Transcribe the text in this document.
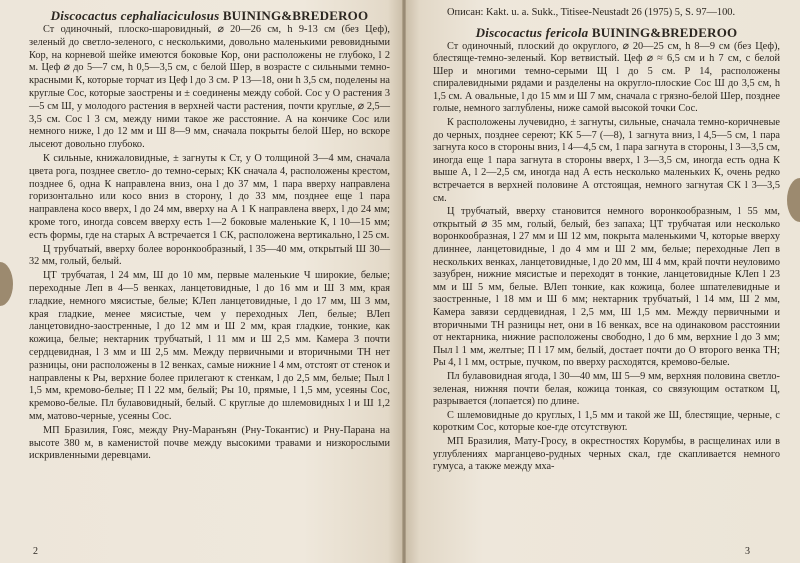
Discocactus cephaliaciculosus BUINING&BREDEROO

Ст одиночный, плоско-шаровидный, ⌀ 20—26 см, h 9-13 см (без Цеф), зеленый до светло-зеленого, с несколькими, довольно маленькими ревовидными Кор, на корневой шейке имеются боковые Кор, они расположены не глубоко, l 2 м. Цеф ⌀ до 5—7 см, h 0,5—3,5 см, с белой Шер, в возрасте с сильными темно-красными К, которые торчат из Цеф l до 3 см. Р 13—18, они h 3,5 см, поделены на круглые Сос, которые заострены и ± соединены между собой. Сос у О растения 3—5 см Ш, у молодого растения в верхней части растения, почти круглые, ⌀ 2,5—3,5 см. Сос l 3 см, между ними такое же расстояние. А на кончике Сос или немного ниже, l до 12 мм и Ш 8—9 мм, сначала покрыты белой Шер, но вскоре лысеют довольно глубоко.

К сильные, книжаловидные, ± загнуты к Ст, у О толщиной 3—4 мм, сначала цвета рога, позднее светло- до темно-серых; КК сначала 4, расположены крестом, позднее 6, одна К направлена вниз, она l до 37 мм, 1 пара вверху направлена горизонтально или косо вниз в сторону, l до 33 мм, позднее еще 1 пара направлена косо вверх, l до 24 мм, вверху на А 1 К направлена вверх, l до 24 мм; кроме того, иногда совсем вверху есть 1—2 боковые маленькие К, l 10—15 мм; есть формы, где на старых А встречается 1 СК, расположена вертикально, l 25 см.

Ц трубчатый, вверху более воронкообразный, l 35—40 мм, открытый Ш 30—32 мм, голый, белый.

ЦТ трубчатая, l 24 мм, Ш до 10 мм, первые маленькие Ч широкие, белые; переходные Леп в 4—5 венках, ланцетовидные, l до 16 мм и Ш 3 мм, края гладкие, немного мясистые, белые; КЛеп ланцетовидные, l до 17 мм, Ш 3 мм, края гладкие, менее мясистые, чем у переходных Леп, белые; ВЛеп ланцетовидно-заостренные, l до 12 мм и Ш 2 мм, края гладкие, тонкие, как кожица, белые; нектарник трубчатый, l 11 мм и Ш 2,5 мм. Камера 3 почти сердцевидная, l 3 мм и Ш 2,5 мм. Между первичными и вторичными ТН нет разницы, они расположены в 12 венках, самые нижние l 4 мм, отстоят от стенок и направлены к Ры, верхние более прилегают к стенкам, l до 2,5 мм, белые; Пыл l 1,5 мм, кремово-белые; П l 22 мм, белый; Ры 10, прямые, l 1,5 мм, усеяны Сос, кремово-белые. Пл булавовидный, белый. С круглые до шлемовидных l и Ш 1,2 мм, матово-черные, усеяны Сос.

МП Бразилия, Гояс, между Рну-Маранъян (Рну-Токантис) и Рну-Парана на высоте 380 м, в каменистой почве между высокими травами и низкорослыми искривленными деревцами.

2

Описан: Kakt. u. a. Sukk., Titisee-Neustadt 26 (1975) 5, S. 97—100.

Discocactus fericola BUINING&BREDEROO

Ст одиночный, плоский до округлого, ⌀ 20—25 см, h 8—9 см (без Цеф), блестяще-темно-зеленый. Кор ветвистый. Цеф ⌀ ≈ 6,5 см и h 7 см, с белой Шер и многими темно-серыми Щ l до 5 см. Р 14, расположены спиралевидными рядами и разделены на округло-плоские Сос Ш до 3,5 см, h 1,5 см. А овальные, l до 15 мм и Ш 7 мм, сначала с грязно-белой Шер, позднее голые, немного заглублены, ниже самой высокой точки Сос.

К расположены лучевидно, ± загнуты, сильные, сначала темно-коричневые до черных, позднее сереют; КК 5—7 (—8), 1 загнута вниз, l 4,5—5 см, 1 пара загнута косо в стороны вниз, l 4—4,5 см, 1 пара загнута в стороны, l 3—3,5 см, иногда еще 1 пара загнута в стороны вверх, l 3—3,5 см, иногда есть одна К выше А, l 2—2,5 см, иногда над А есть несколько маленьких К, очень редко встречается в верхней половине А отстоящая, немного загнутая СК l 3—3,5 см.

Ц трубчатый, вверху становится немного воронкообразным, l 55 мм, открытый ⌀ 35 мм, голый, белый, без запаха; ЦТ трубчатая или несколько воронкообразная, l 27 мм и Ш 12 мм, покрыта маленькими Ч, которые вверху длиннее, ланцетовидные, l до 4 мм и Ш 2 мм, белые; переходные Леп в нескольких венках, ланцетовидные, l до 20 мм, Ш 4 мм, край почти неуловимо зазубрен, нижние мясистые и переходят в тонкие, ланцетовидные КЛеп l 23 мм и Ш 5 мм, белые. ВЛеп тонкие, как кожица, более шпателевидные и заостренные, l 18 мм и Ш 6 мм; нектарник трубчатый, l 14 мм, Ш 2 мм, Камера завязи сердцевидная, l 2,5 мм, Ш 1,5 мм. Между первичными и вторичными ТН разницы нет, они в 16 венках, все на одинаковом расстоянии от нектарника, нижние расположены свободно, l до 6 мм, верхние l до 3 мм; Пыл l 1 мм, желтые; П l 17 мм, белый, достает почти до О второго венка ТН; Ры 4, l 1 мм, острые, пучком, по вверху расходятся, кремово-белые.

Пл булавовидная ягода, l 30—40 мм, Ш 5—9 мм, верхняя половина светло-зеленая, нижняя почти белая, кожица тонкая, со связующим остатком Ц, разрывается (лопается) по длине.

С шлемовидные до круглых, l 1,5 мм и такой же Ш, блестящие, черные, с коротким Сос, которые кое-где отсутствуют.

МП Бразилия, Мату-Гросу, в окрестностях Корумбы, в расщелинах или в углублениях марганцево-рудных черных скал, где скапливается немного гумуса, а также между мха-

3
